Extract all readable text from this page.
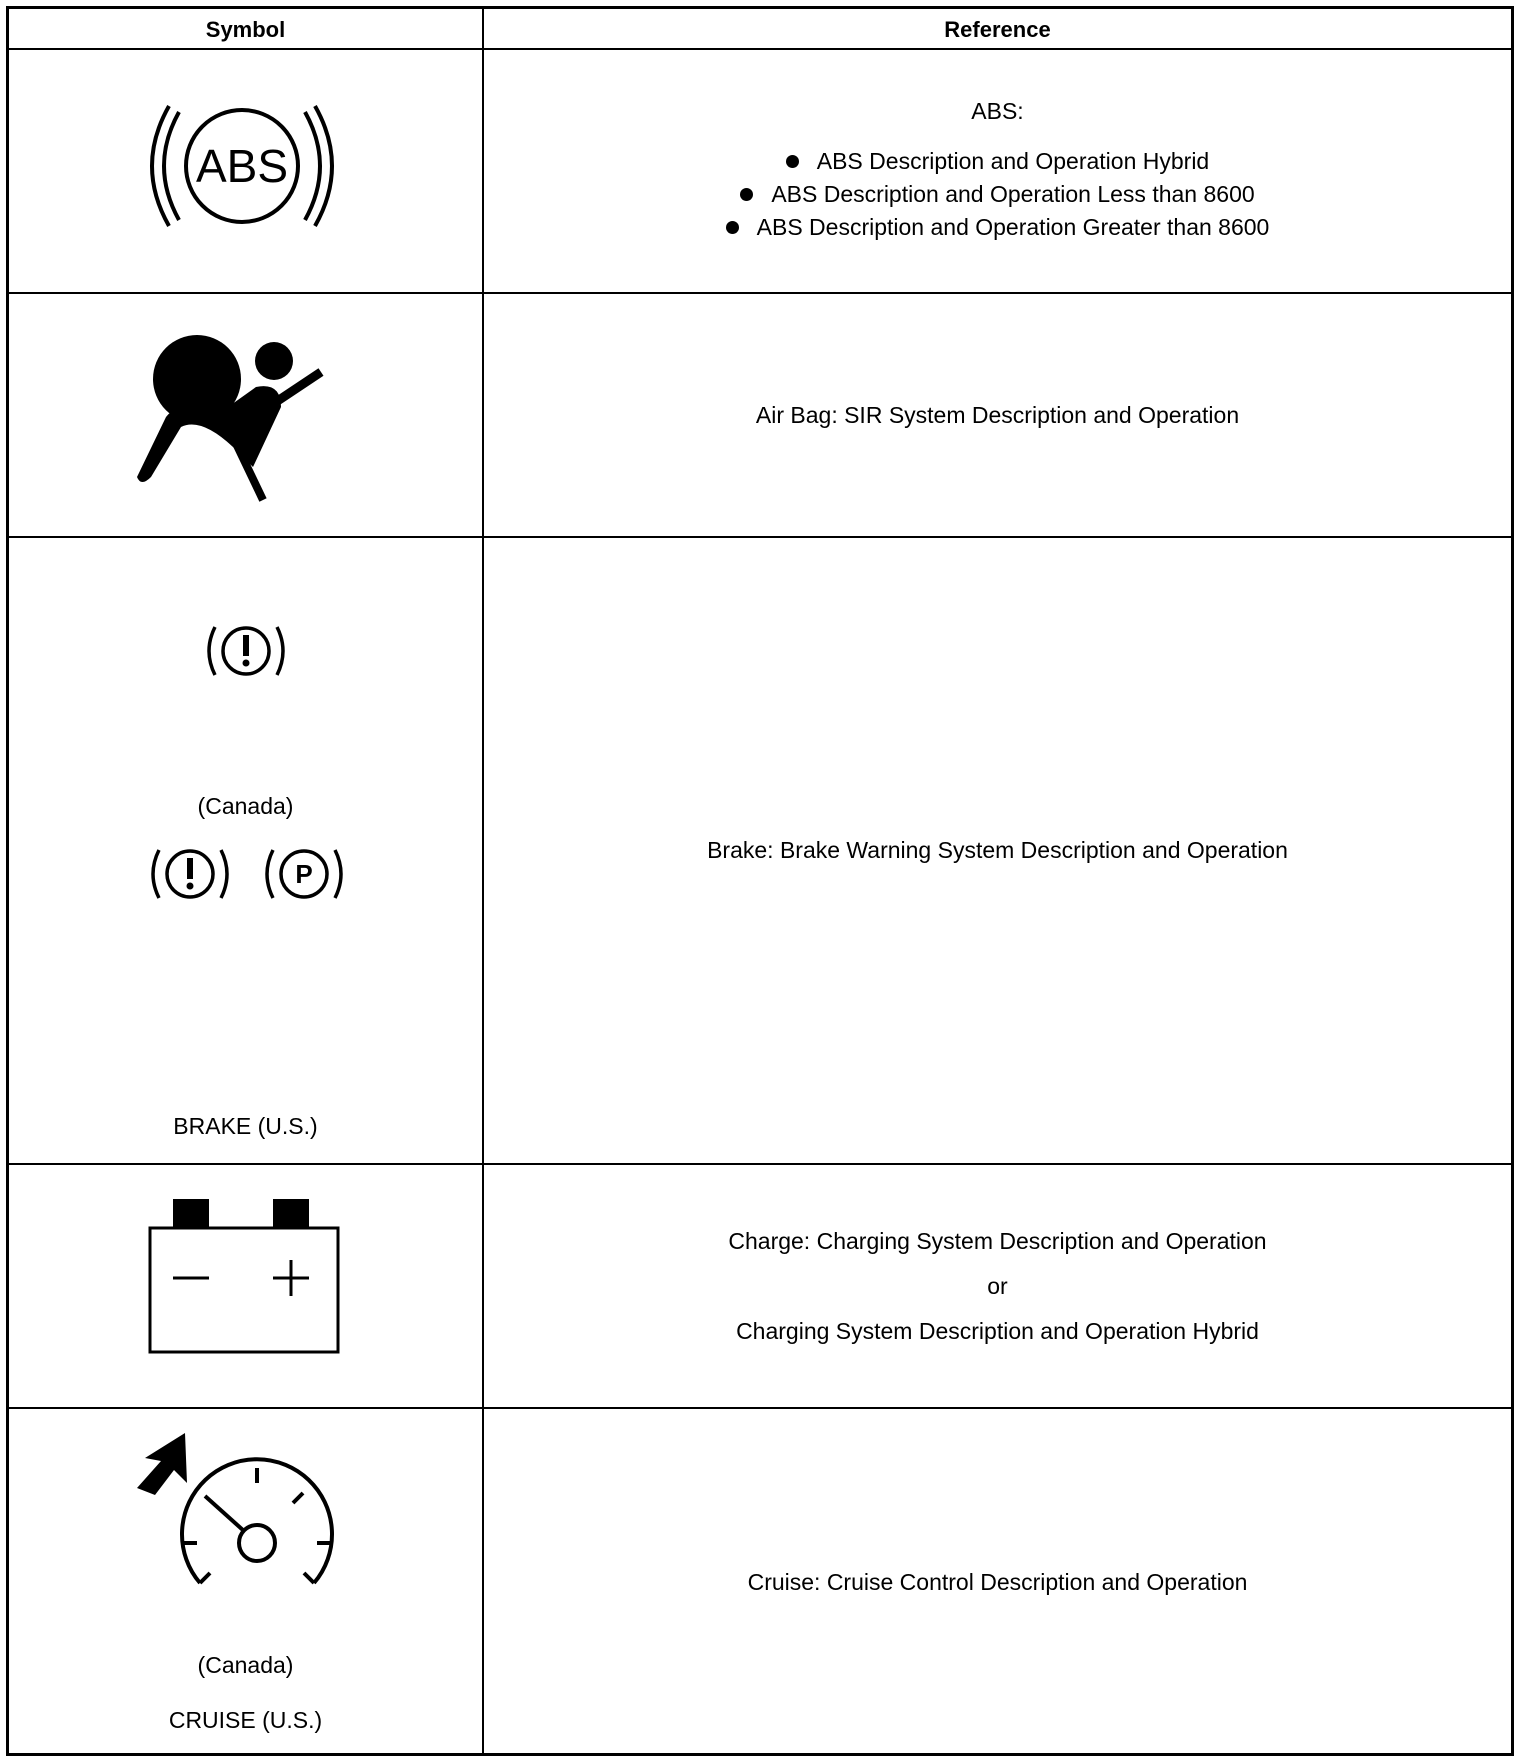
Symbol	Reference
ABS
ABS:
ABS Description and Operation Hybrid
ABS Description and Operation Less than 8600
ABS Description and Operation Greater than 8600
Air Bag: SIR System Description and Operation
(Canada)
P
BRAKE (U.S.)
Brake: Brake Warning System Description and Operation
Charge: Charging System Description and Operation
or
Charging System Description and Operation Hybrid
(Canada)
CRUISE (U.S.)
Cruise: Cruise Control Description and Operation
